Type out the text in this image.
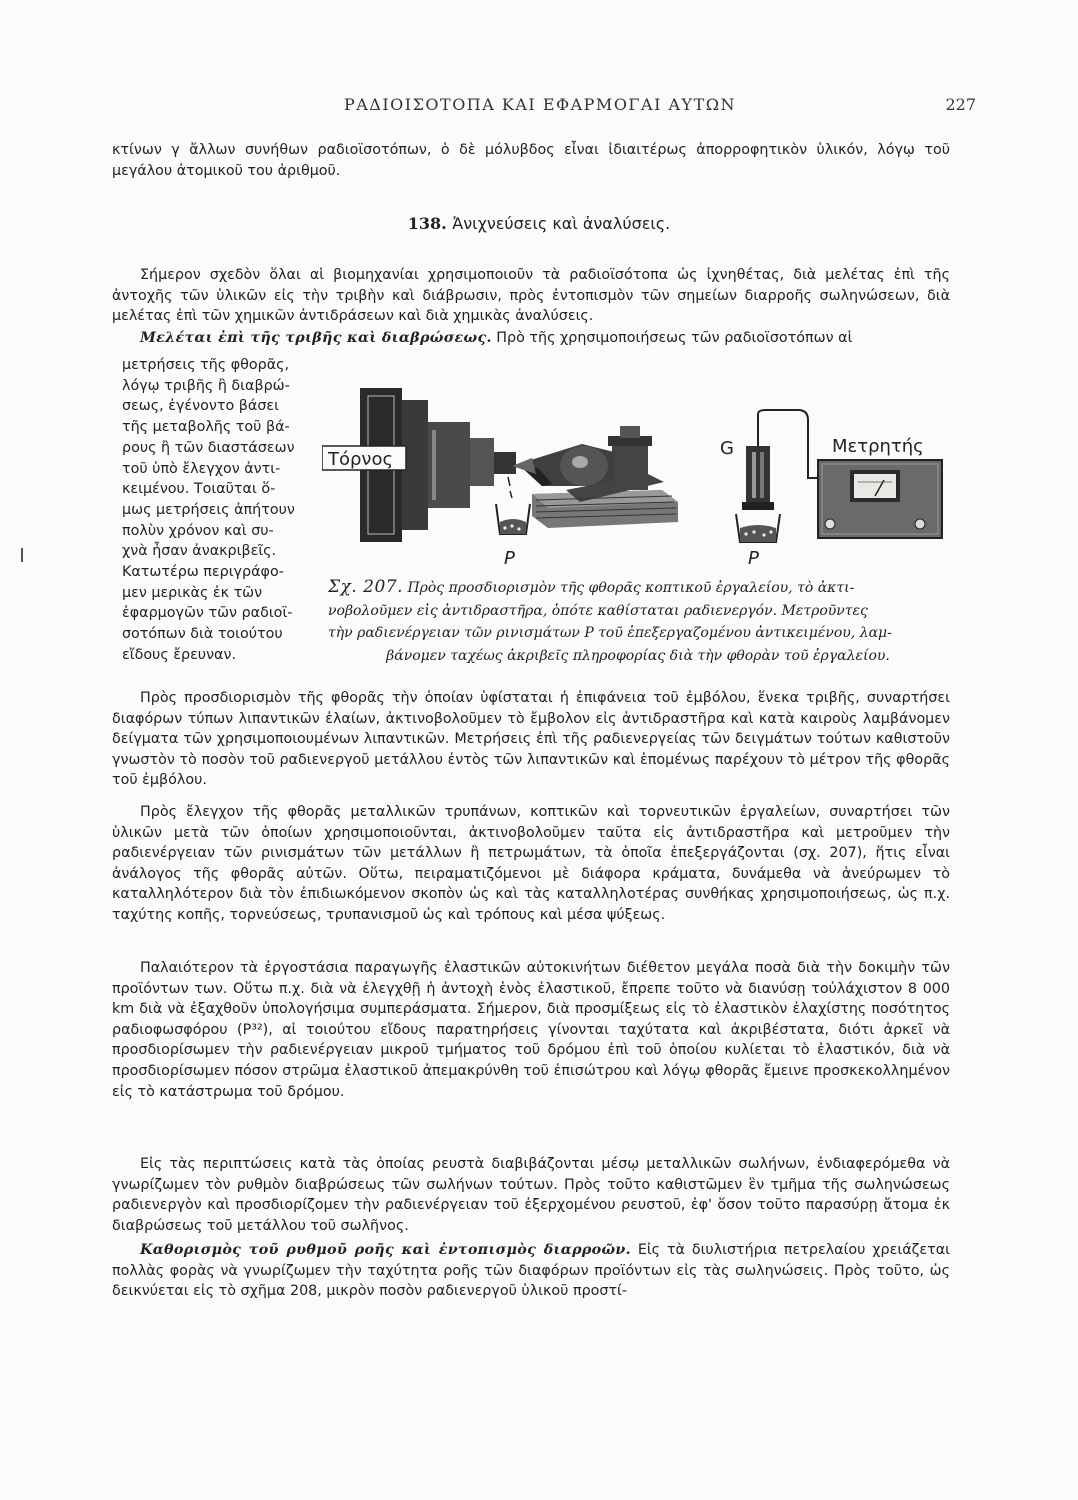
ΡΑΔΙΟΙΣΟΤΟΠΑ ΚΑΙ ΕΦΑΡΜΟΓΑΙ ΑΥΤΩΝ	227

κτίνων γ ἄλλων συνήθων ραδιοϊσοτόπων, ὁ δὲ μόλυβδος εἶναι ἰδιαιτέρως ἀπορροφητικὸν ὑλικόν, λόγῳ τοῦ μεγάλου ἀτομικοῦ του ἀριθμοῦ.

138. Ἀνιχνεύσεις καὶ ἀναλύσεις.

Σήμερον σχεδὸν ὅλαι αἱ βιομηχανίαι χρησιμοποιοῦν τὰ ραδιοϊσότοπα ὡς ἰχνηθέτας, διὰ μελέτας ἐπὶ τῆς ἀντοχῆς τῶν ὑλικῶν εἰς τὴν τριβὴν καὶ διάβρωσιν, πρὸς ἐντοπισμὸν τῶν σημείων διαρροῆς σωληνώσεων, διὰ μελέτας ἐπὶ τῶν χημικῶν ἀντιδράσεων καὶ διὰ χημικὰς ἀναλύσεις.

Μελέται ἐπὶ τῆς τριβῆς καὶ διαβρώσεως. Πρὸ τῆς χρησιμοποιήσεως τῶν ραδιοϊσοτόπων αἱ

μετρήσεις τῆς φθορᾶς,
λόγῳ τριβῆς ἢ διαβρώ-
σεως, ἐγένοντο βάσει
τῆς μεταβολῆς τοῦ βά-
ρους ἢ τῶν διαστάσεων
τοῦ ὑπὸ ἔλεγχον ἀντι-
κειμένου. Τοιαῦται ὅ-
μως μετρήσεις ἀπήτουν
πολὺν χρόνον καὶ συ-
χνὰ ἦσαν ἀνακριβεῖς.
Κατωτέρω περιγράφο-
μεν μερικὰς ἐκ τῶν
ἐφαρμογῶν τῶν ραδιοϊ-
σοτόπων διὰ τοιούτου
εἴδους ἔρευναν.
Τόρνος
P
G
P
Μετρητής
Σχ. 207. Πρὸς προσδιορισμὸν τῆς φθορᾶς κοπτικοῦ ἐργαλείου, τὸ ἀκτι-
νοβολοῦμεν εἰς ἀντιδραστῆρα, ὁπότε καθίσταται ραδιενεργόν. Μετροῦντες
τὴν ραδιενέργειαν τῶν ρινισμάτων P τοῦ ἐπεξεργαζομένου ἀντικειμένου, λαμ-
βάνομεν ταχέως ἀκριβεῖς πληροφορίας διὰ τὴν φθορὰν τοῦ ἐργαλείου.

Πρὸς προσδιορισμὸν τῆς φθορᾶς τὴν ὁποίαν ὑφίσταται ἡ ἐπιφάνεια τοῦ ἐμβόλου, ἕνεκα τριβῆς, συναρτήσει διαφόρων τύπων λιπαντικῶν ἐλαίων, ἀκτινοβολοῦμεν τὸ ἔμβολον εἰς ἀντιδραστῆρα καὶ κατὰ καιροὺς λαμβάνομεν δείγματα τῶν χρησιμοποιουμένων λιπαντικῶν. Μετρήσεις ἐπὶ τῆς ραδιενεργείας τῶν δειγμάτων τούτων καθιστοῦν γνωστὸν τὸ ποσὸν τοῦ ραδιενεργοῦ μετάλλου ἐντὸς τῶν λιπαντικῶν καὶ ἑπομένως παρέχουν τὸ μέτρον τῆς φθορᾶς τοῦ ἐμβόλου.

Πρὸς ἔλεγχον τῆς φθορᾶς μεταλλικῶν τρυπάνων, κοπτικῶν καὶ τορνευτικῶν ἐργαλείων, συναρτήσει τῶν ὑλικῶν μετὰ τῶν ὁποίων χρησιμοποιοῦνται, ἀκτινοβολοῦμεν ταῦτα εἰς ἀντιδραστῆρα καὶ μετροῦμεν τὴν ραδιενέργειαν τῶν ρινισμάτων τῶν μετάλλων ἢ πετρωμάτων, τὰ ὁποῖα ἐπεξεργάζονται (σχ. 207), ἥτις εἶναι ἀνάλογος τῆς φθορᾶς αὐτῶν. Οὕτω, πειραματιζόμενοι μὲ διάφορα κράματα, δυνάμεθα νὰ ἀνεύρωμεν τὸ καταλληλότερον διὰ τὸν ἐπιδιωκόμενον σκοπὸν ὡς καὶ τὰς καταλληλοτέρας συνθήκας χρησιμοποιήσεως, ὡς π.χ. ταχύτης κοπῆς, τορνεύσεως, τρυπανισμοῦ ὡς καὶ τρόπους καὶ μέσα ψύξεως.

Παλαιότερον τὰ ἐργοστάσια παραγωγῆς ἐλαστικῶν αὐτοκινήτων διέθετον μεγάλα ποσὰ διὰ τὴν δοκιμὴν τῶν προϊόντων των. Οὕτω π.χ. διὰ νὰ ἐλεγχθῇ ἡ ἀντοχὴ ἑνὸς ἐλαστικοῦ, ἔπρεπε τοῦτο νὰ διανύσῃ τοὐλάχιστον 8 000 km διὰ νὰ ἐξαχθοῦν ὑπολογήσιμα συμπεράσματα. Σήμερον, διὰ προσμίξεως εἰς τὸ ἐλαστικὸν ἐλαχίστης ποσότητος ραδιοφωσφόρου (P³²), αἱ τοιούτου εἴδους παρατηρήσεις γίνονται ταχύτατα καὶ ἀκριβέστατα, διότι ἀρκεῖ νὰ προσδιορίσωμεν τὴν ραδιενέργειαν μικροῦ τμήματος τοῦ δρόμου ἐπὶ τοῦ ὁποίου κυλίεται τὸ ἐλαστικόν, διὰ νὰ προσδιορίσωμεν πόσον στρῶμα ἐλαστικοῦ ἀπεμακρύνθη τοῦ ἐπισώτρου καὶ λόγῳ φθορᾶς ἔμεινε προσκεκολλημένον εἰς τὸ κατάστρωμα τοῦ δρόμου.

Εἰς τὰς περιπτώσεις κατὰ τὰς ὁποίας ρευστὰ διαβιβάζονται μέσῳ μεταλλικῶν σωλήνων, ἐνδιαφερόμεθα νὰ γνωρίζωμεν τὸν ρυθμὸν διαβρώσεως τῶν σωλήνων τούτων. Πρὸς τοῦτο καθιστῶμεν ἓν τμῆμα τῆς σωληνώσεως ραδιενεργὸν καὶ προσδιορίζομεν τὴν ραδιενέργειαν τοῦ ἐξερχομένου ρευστοῦ, ἐφ' ὅσον τοῦτο παρασύρῃ ἄτομα ἐκ διαβρώσεως τοῦ μετάλλου τοῦ σωλῆνος.

Καθορισμὸς τοῦ ρυθμοῦ ροῆς καὶ ἐντοπισμὸς διαρροῶν. Εἰς τὰ διυλιστήρια πετρελαίου χρειάζεται πολλὰς φορὰς νὰ γνωρίζωμεν τὴν ταχύτητα ροῆς τῶν διαφόρων προϊόντων εἰς τὰς σωληνώσεις. Πρὸς τοῦτο, ὡς δεικνύεται εἰς τὸ σχῆμα 208, μικρὸν ποσὸν ραδιενεργοῦ ὑλικοῦ προστί-
